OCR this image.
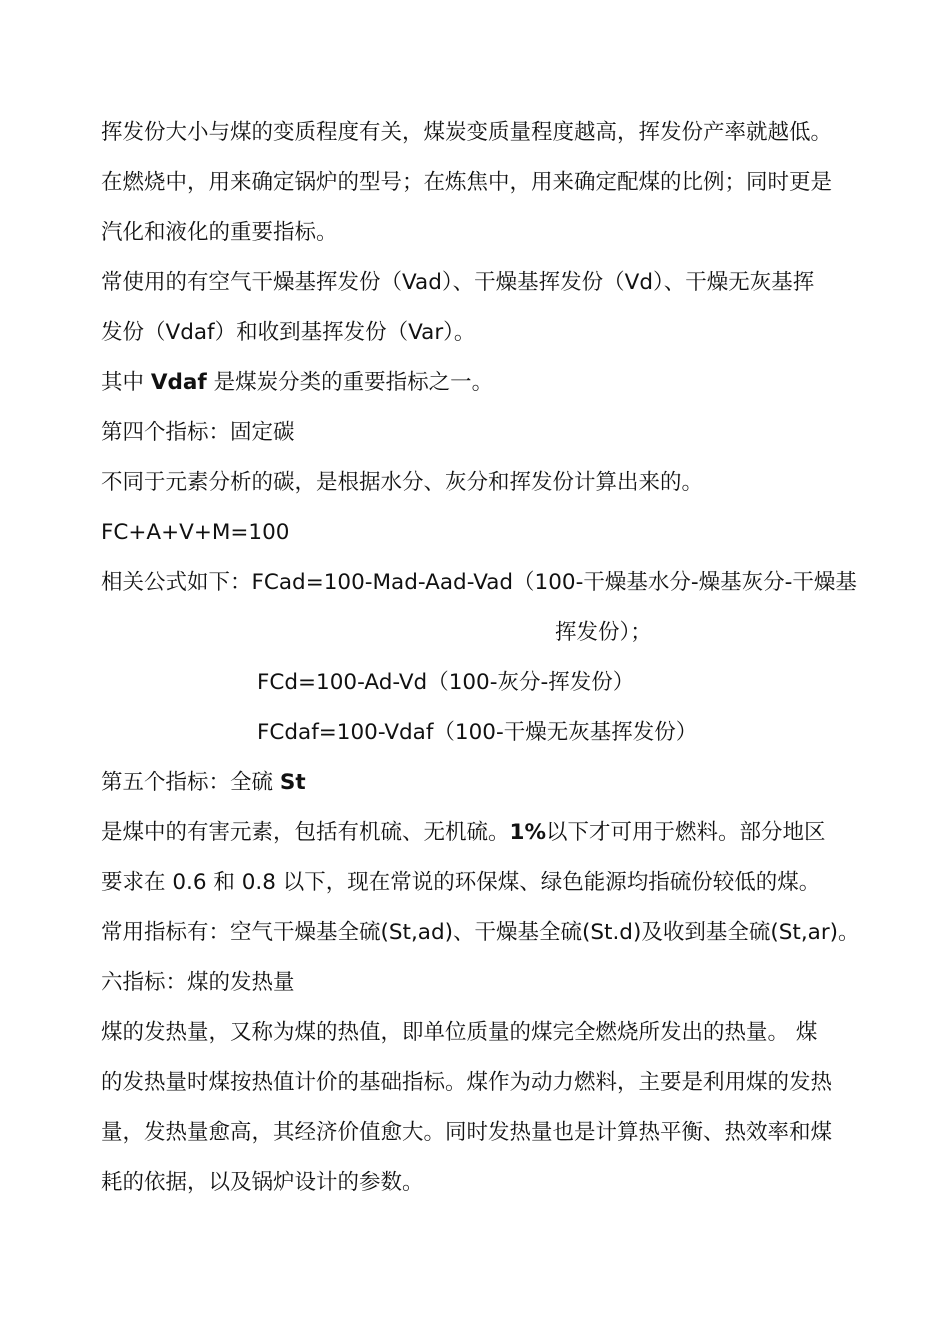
挥发份大小与煤的变质程度有关，煤炭变质量程度越高，挥发份产率就越低。
在燃烧中，用来确定锅炉的型号；在炼焦中，用来确定配煤的比例；同时更是
汽化和液化的重要指标。
常使用的有空气干燥基挥发份（Vad）、干燥基挥发份（Vd）、干燥无灰基挥
发份（Vdaf）和收到基挥发份（Var）。
其中 Vdaf 是煤炭分类的重要指标之一。
第四个指标：固定碳
不同于元素分析的碳，是根据水分、灰分和挥发份计算出来的。
FC+A+V+M=100
相关公式如下：FCad=100-Mad-Aad-Vad（100-干燥基水分-燥基灰分-干燥基
挥发份）；
FCd=100-Ad-Vd（100-灰分-挥发份）
FCdaf=100-Vdaf（100-干燥无灰基挥发份）
第五个指标：全硫 St
是煤中的有害元素，包括有机硫、无机硫。1%以下才可用于燃料。部分地区
要求在 0.6 和 0.8 以下，现在常说的环保煤、绿色能源均指硫份较低的煤。
常用指标有：空气干燥基全硫(St,ad)、干燥基全硫(St.d)及收到基全硫(St,ar)。
六指标：煤的发热量
煤的发热量，又称为煤的热值，即单位质量的煤完全燃烧所发出的热量。 煤
的发热量时煤按热值计价的基础指标。煤作为动力燃料，主要是利用煤的发热
量，发热量愈高，其经济价值愈大。同时发热量也是计算热平衡、热效率和煤
耗的依据，以及锅炉设计的参数。
